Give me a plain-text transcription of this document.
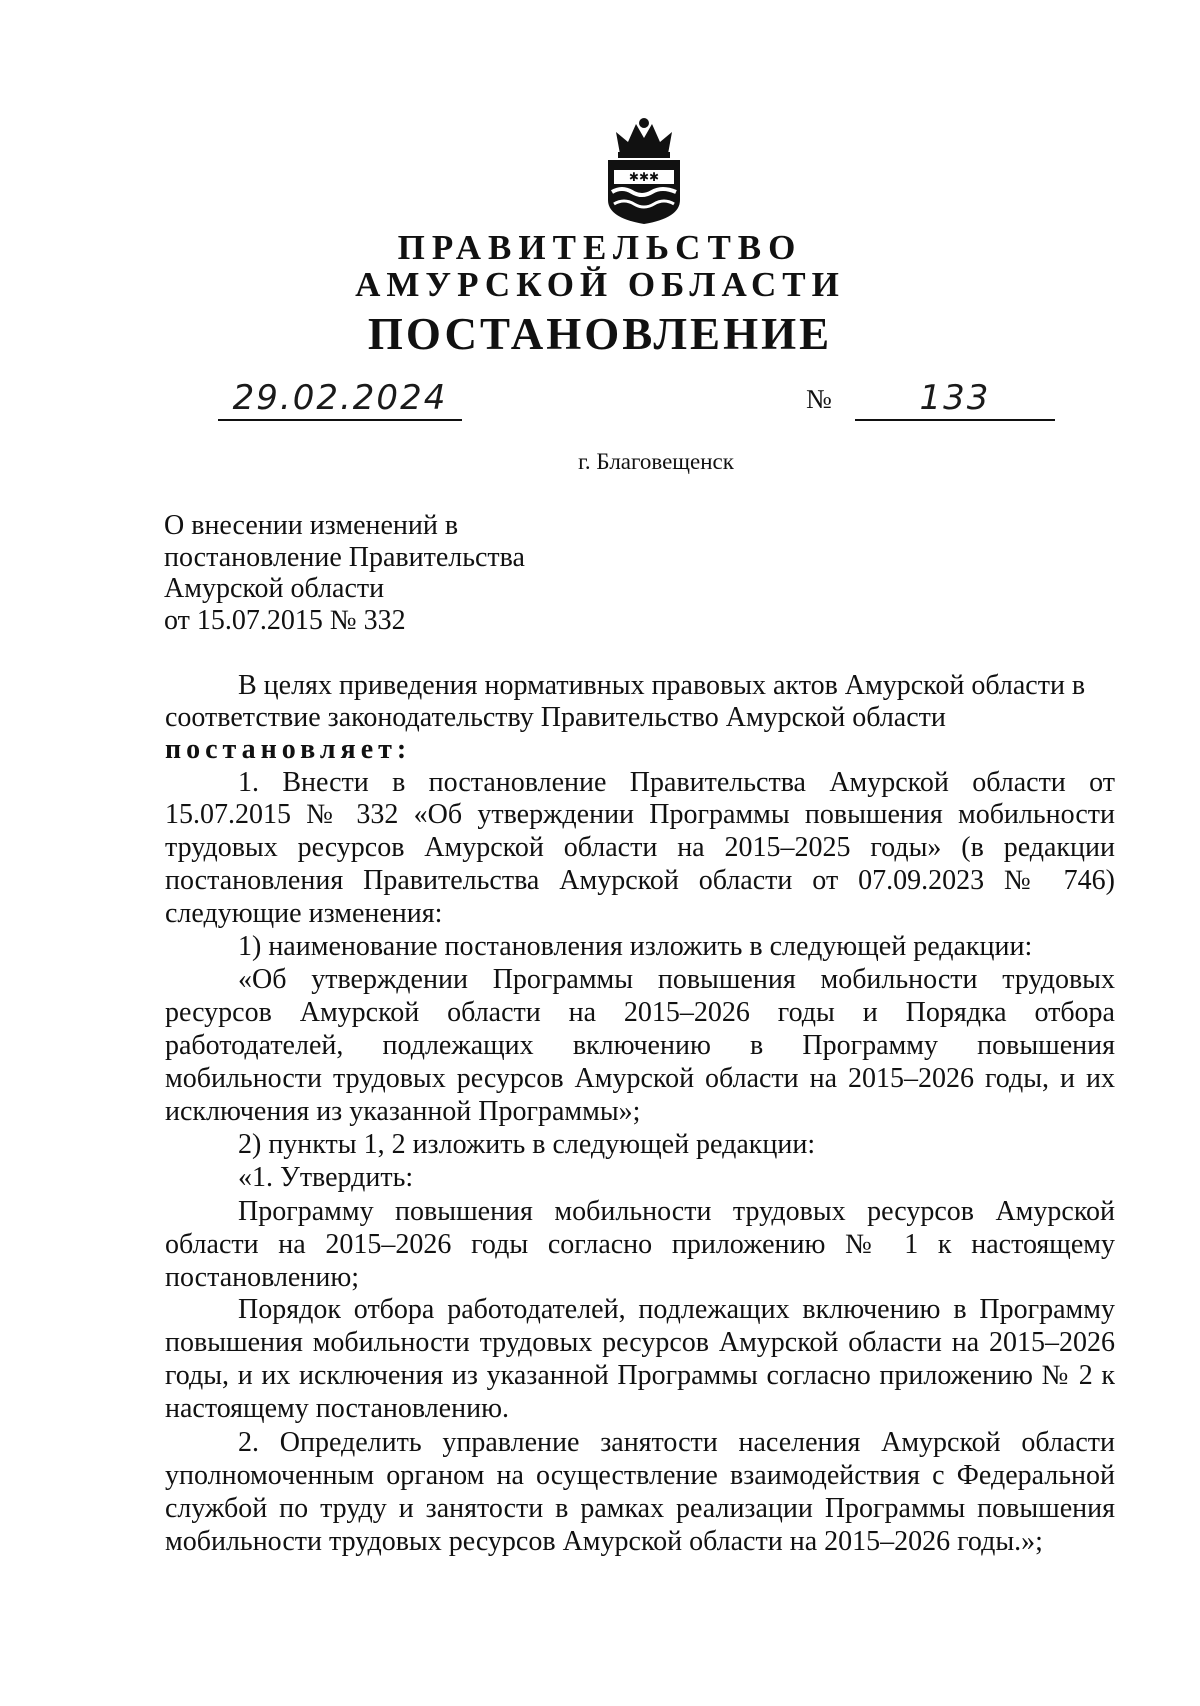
✱✱✱
ПРАВИТЕЛЬСТВО
АМУРСКОЙ ОБЛАСТИ
ПОСТАНОВЛЕНИЕ
29.02.2024	№	133
г. Благовещенск
О внесении изменений в
постановление Правительства
Амурской области
от 15.07.2015 № 332
В целях приведения нормативных правовых актов Амурской области в
соответствие законодательству Правительство Амурской области
постановляет:
1. Внести в постановление Правительства Амурской области от
15.07.2015 № 332 «Об утверждении Программы повышения мобильности
трудовых ресурсов Амурской области на 2015–2025 годы» (в редакции
постановления Правительства Амурской области от 07.09.2023 № 746)
следующие изменения:
1) наименование постановления изложить в следующей редакции:
«Об утверждении Программы повышения мобильности трудовых
ресурсов Амурской области на 2015–2026 годы и Порядка отбора
работодателей, подлежащих включению в Программу повышения
мобильности трудовых ресурсов Амурской области на 2015–2026 годы, и их
исключения из указанной Программы»;
2) пункты 1, 2 изложить в следующей редакции:
«1. Утвердить:
Программу повышения мобильности трудовых ресурсов Амурской
области на 2015–2026 годы согласно приложению № 1 к настоящему
постановлению;
Порядок отбора работодателей, подлежащих включению в Программу
повышения мобильности трудовых ресурсов Амурской области на 2015–2026
годы, и их исключения из указанной Программы согласно приложению № 2 к
настоящему постановлению.
2. Определить управление занятости населения Амурской области
уполномоченным органом на осуществление взаимодействия с Федеральной
службой по труду и занятости в рамках реализации Программы повышения
мобильности трудовых ресурсов Амурской области на 2015–2026 годы.»;
